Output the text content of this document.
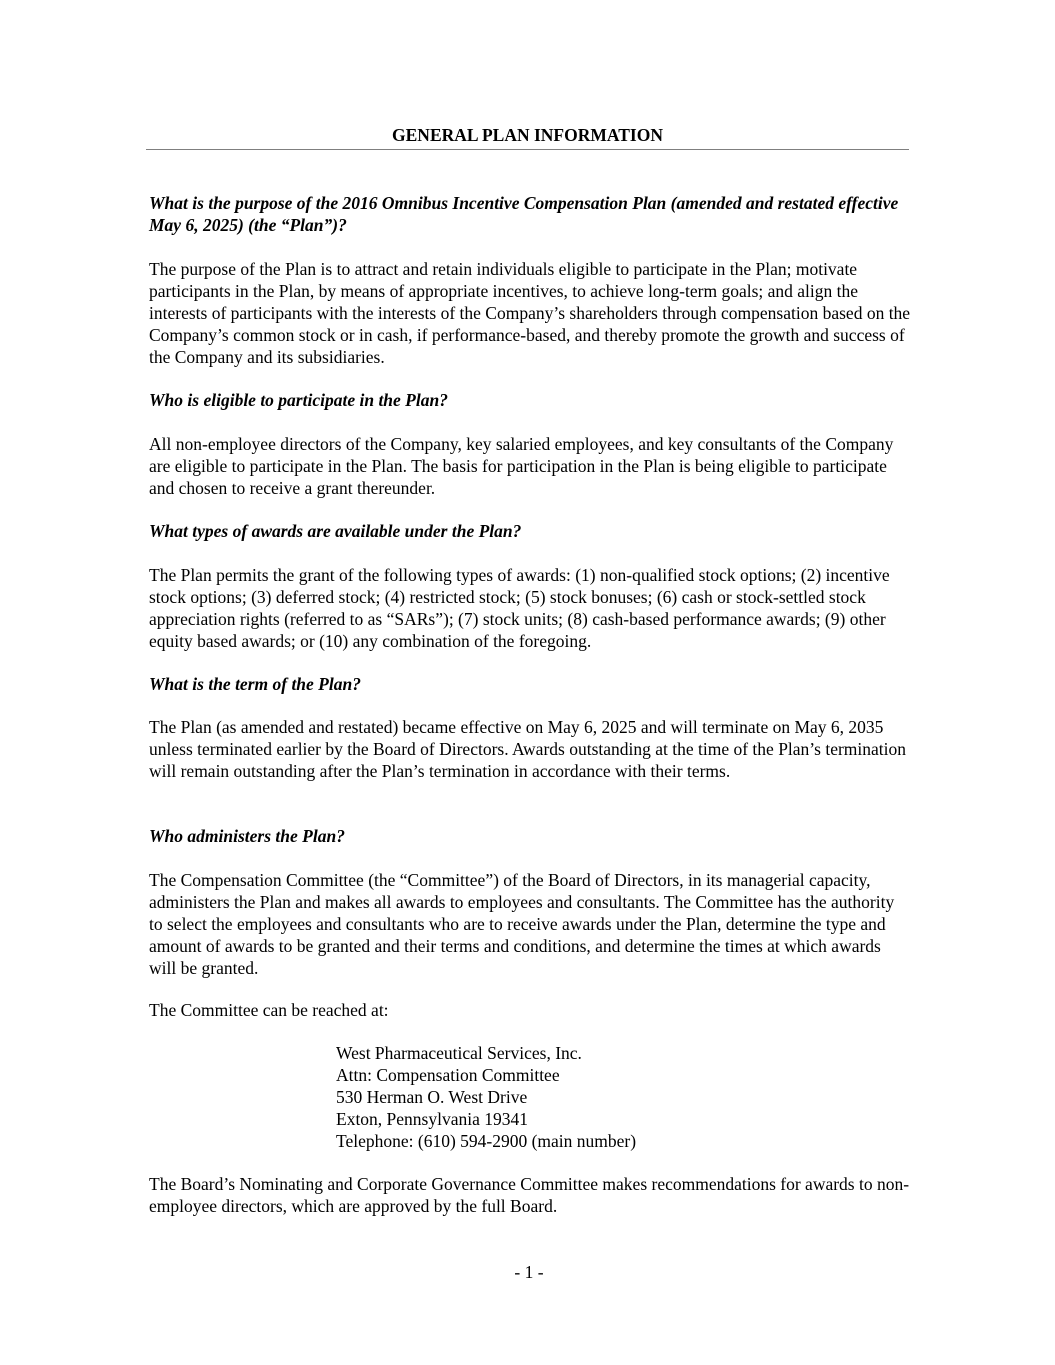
GENERAL PLAN INFORMATION

What is the purpose of the 2016 Omnibus Incentive Compensation Plan (amended and restated effective May 6, 2025) (the “Plan”)?

The purpose of the Plan is to attract and retain individuals eligible to participate in the Plan; motivate participants in the Plan, by means of appropriate incentives, to achieve long-term goals; and align the interests of participants with the interests of the Company’s shareholders through compensation based on the Company’s common stock or in cash, if performance-based, and thereby promote the growth and success of the Company and its subsidiaries.

Who is eligible to participate in the Plan?

All non-employee directors of the Company, key salaried employees, and key consultants of the Company are eligible to participate in the Plan. The basis for participation in the Plan is being eligible to participate and chosen to receive a grant thereunder.

What types of awards are available under the Plan?

The Plan permits the grant of the following types of awards: (1) non-qualified stock options; (2) incentive stock options; (3) deferred stock; (4) restricted stock; (5) stock bonuses; (6) cash or stock-settled stock appreciation rights (referred to as “SARs”); (7) stock units; (8) cash-based performance awards; (9) other equity based awards; or (10) any combination of the foregoing.

What is the term of the Plan?

The Plan (as amended and restated) became effective on May 6, 2025 and will terminate on May 6, 2035 unless terminated earlier by the Board of Directors. Awards outstanding at the time of the Plan’s termination will remain outstanding after the Plan’s termination in accordance with their terms.

Who administers the Plan?

The Compensation Committee (the “Committee”) of the Board of Directors, in its managerial capacity, administers the Plan and makes all awards to employees and consultants. The Committee has the authority to select the employees and consultants who are to receive awards under the Plan, determine the type and amount of awards to be granted and their terms and conditions, and determine the times at which awards will be granted.

The Committee can be reached at:

West Pharmaceutical Services, Inc.
Attn: Compensation Committee
530 Herman O. West Drive
Exton, Pennsylvania 19341
Telephone: (610) 594-2900 (main number)

The Board’s Nominating and Corporate Governance Committee makes recommendations for awards to non-employee directors, which are approved by the full Board.

- 1 -
